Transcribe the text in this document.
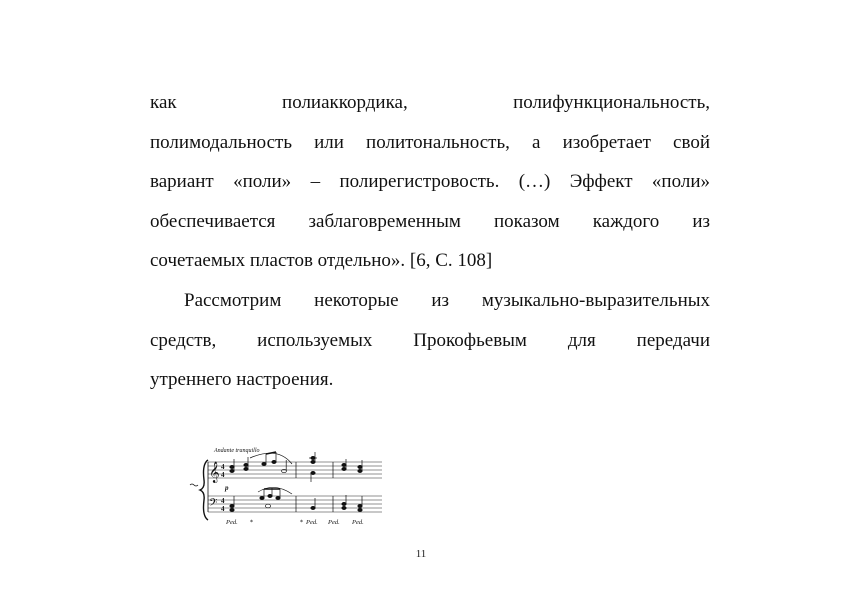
как полиаккордика, полифункциональность,
полимодальность или политональность, а изобретает свой
вариант «поли» – полирегистровость. (…) Эффект «поли»
обеспечивается заблаговременным показом каждого из
сочетаемых пластов отдельно». [6, С. 108]
Рассмотрим некоторые из музыкально-выразительных
средств, используемых Прокофьевым для передачи
утреннего настроения.
Andante tranquillo
𝄞
𝄢
4
4
4
4
p
Ped.	Ped. Ped. Ped.
*	*
11
